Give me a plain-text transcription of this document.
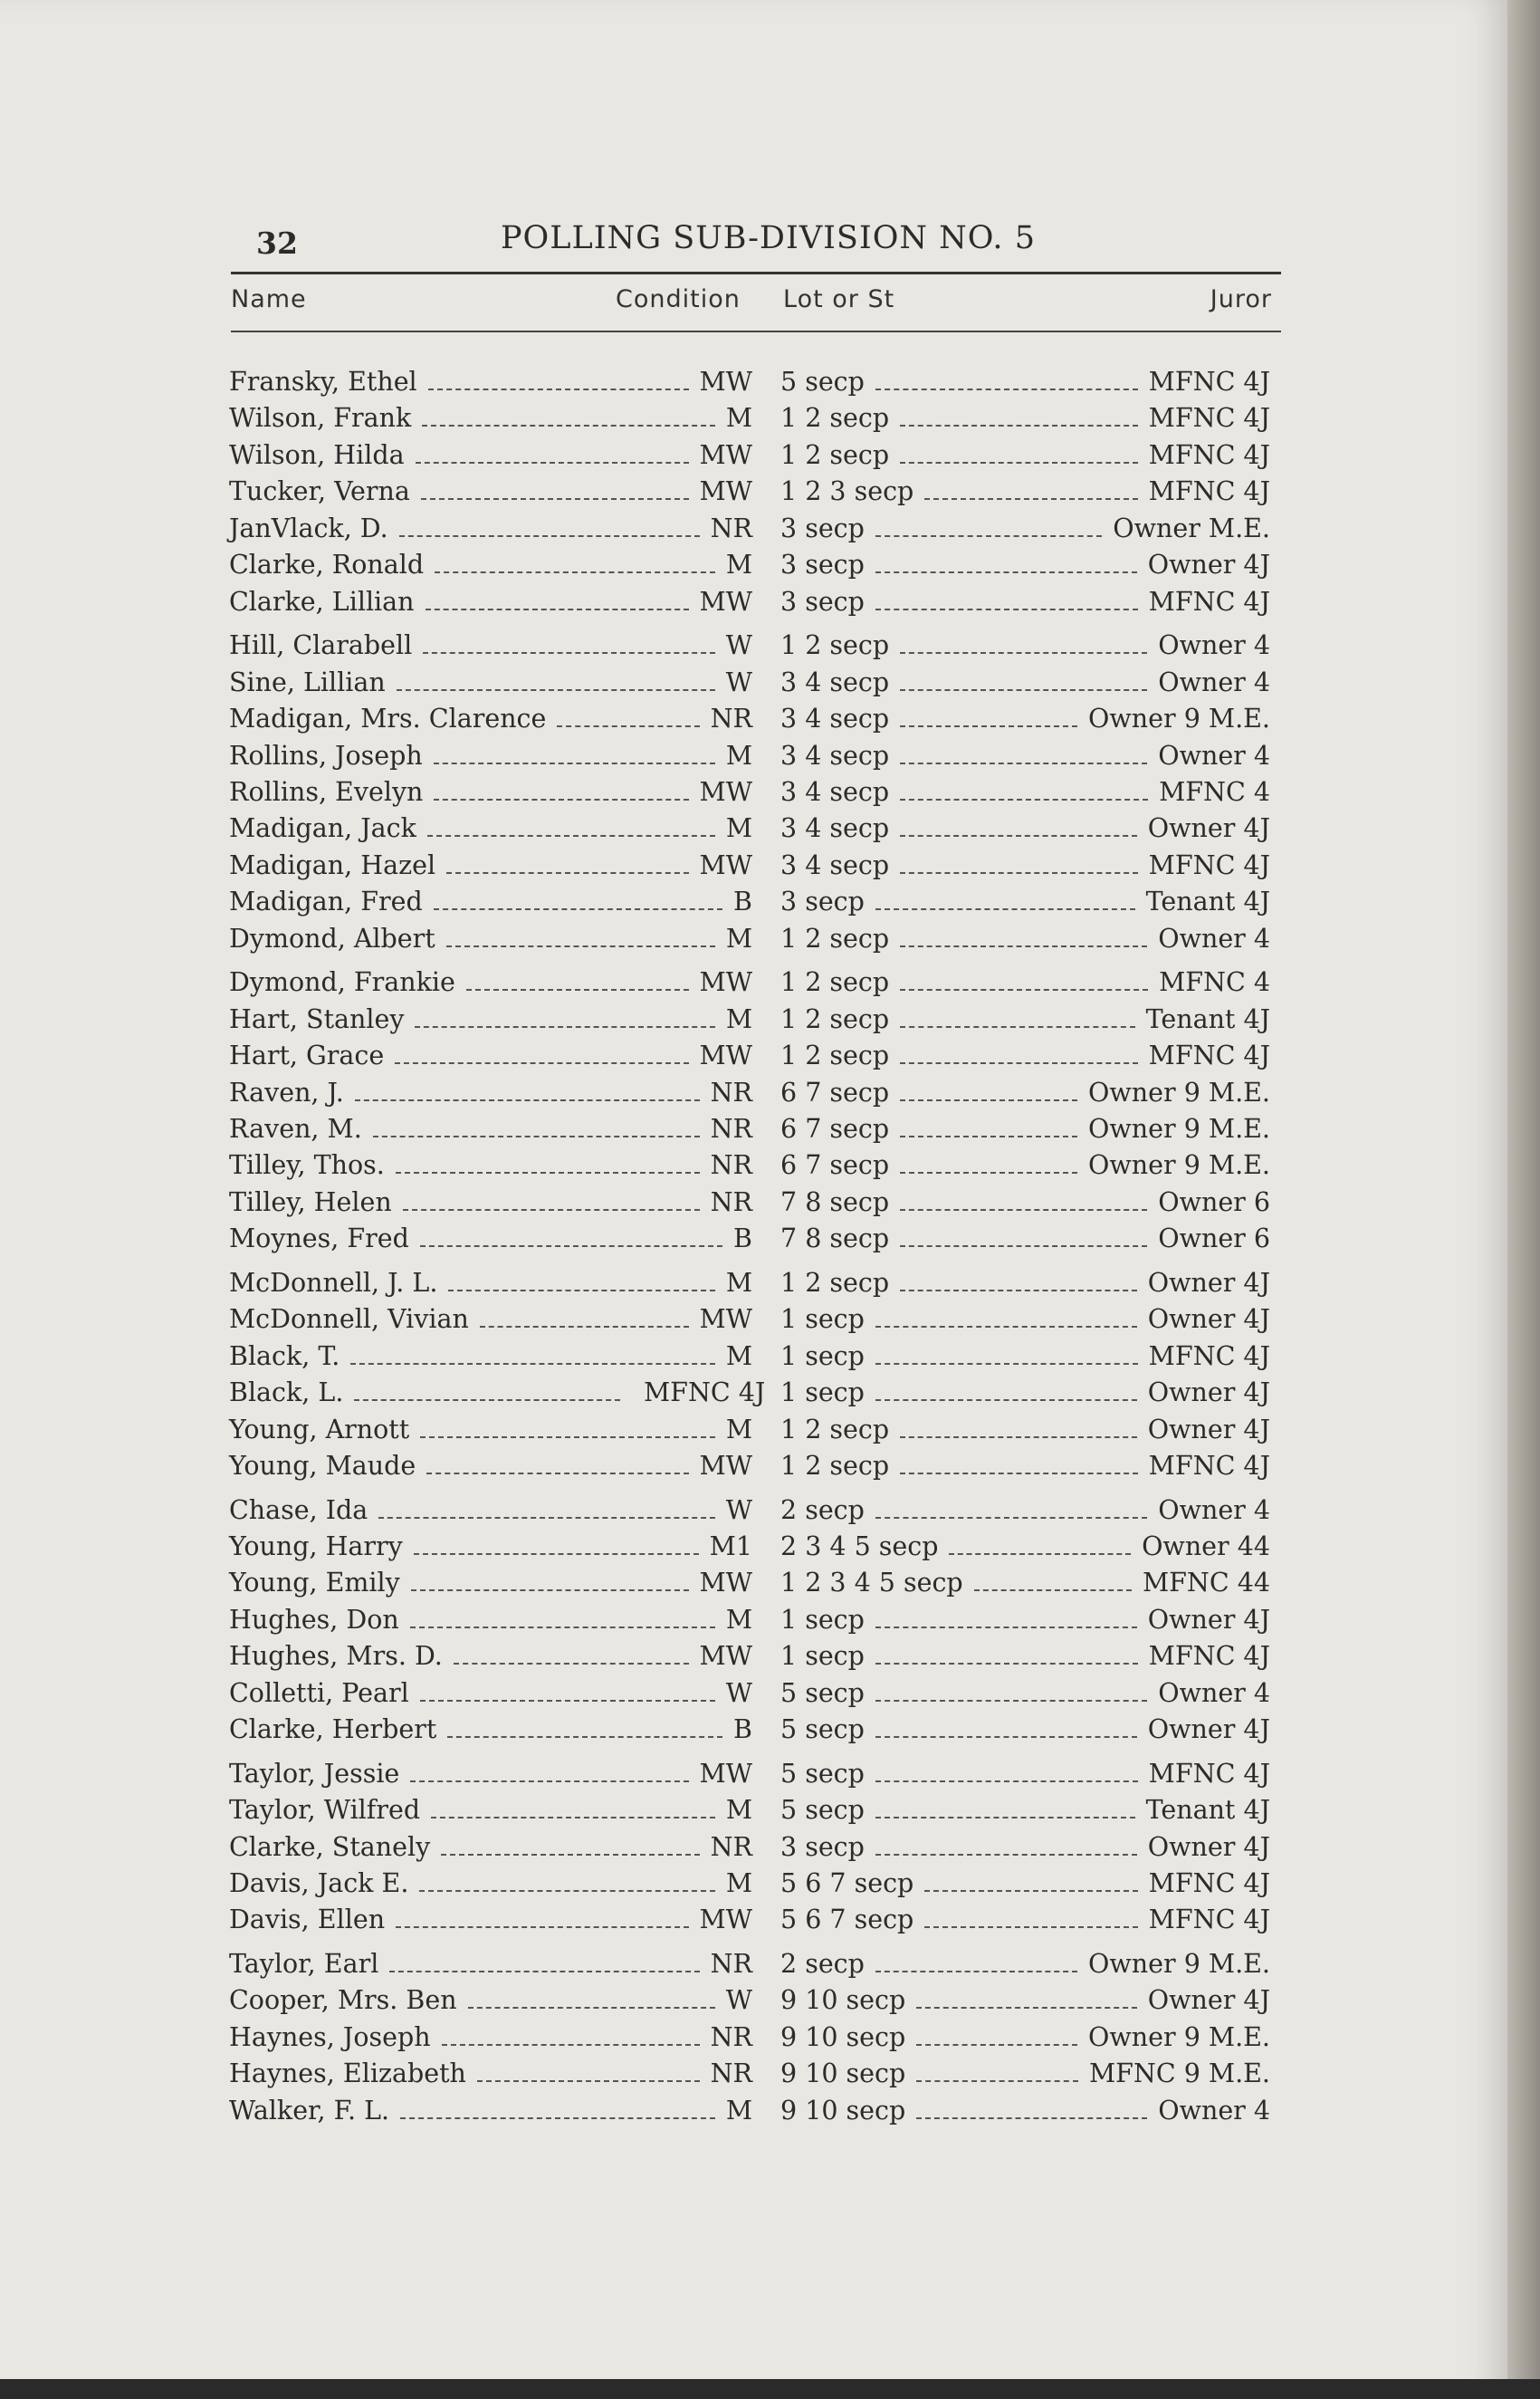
32	POLLING SUB-DIVISION NO. 5
Name	Condition Lot or St	Juror
Fransky, Ethel	MW 5 secp	MFNC 4J
Wilson, Frank	M 1 2 secp	MFNC 4J
Wilson, Hilda	MW 1 2 secp	MFNC 4J
Tucker, Verna	MW 1 2 3 secp	MFNC 4J
JanVlack, D.	NR 3 secp	Owner M.E.
Clarke, Ronald	M 3 secp	Owner 4J
Clarke, Lillian	MW 3 secp	MFNC 4J
Hill, Clarabell	W 1 2 secp	Owner 4
Sine, Lillian	W 3 4 secp	Owner 4
Madigan, Mrs. Clarence	NR 3 4 secp	Owner 9 M.E.
Rollins, Joseph	M 3 4 secp	Owner 4
Rollins, Evelyn	MW 3 4 secp	MFNC 4
Madigan, Jack	M 3 4 secp	Owner 4J
Madigan, Hazel	MW 3 4 secp	MFNC 4J
Madigan, Fred	B 3 secp	Tenant 4J
Dymond, Albert	M 1 2 secp	Owner 4
Dymond, Frankie	MW 1 2 secp	MFNC 4
Hart, Stanley	M 1 2 secp	Tenant 4J
Hart, Grace	MW 1 2 secp	MFNC 4J
Raven, J.	NR 6 7 secp	Owner 9 M.E.
Raven, M.	NR 6 7 secp	Owner 9 M.E.
Tilley, Thos.	NR 6 7 secp	Owner 9 M.E.
Tilley, Helen	NR 7 8 secp	Owner 6
Moynes, Fred	B 7 8 secp	Owner 6
McDonnell, J. L.	M 1 2 secp	Owner 4J
McDonnell, Vivian	MW 1 secp	Owner 4J
Black, T.	M 1 secp	MFNC 4J
Black, L.	MFNC 4J 1 secp	Owner 4J
Young, Arnott	M 1 2 secp	Owner 4J
Young, Maude	MW 1 2 secp	MFNC 4J
Chase, Ida	W 2 secp	Owner 4
Young, Harry	M1 2 3 4 5 secp	Owner 44
Young, Emily	MW 1 2 3 4 5 secp	MFNC 44
Hughes, Don	M 1 secp	Owner 4J
Hughes, Mrs. D.	MW 1 secp	MFNC 4J
Colletti, Pearl	W 5 secp	Owner 4
Clarke, Herbert	B 5 secp	Owner 4J
Taylor, Jessie	MW 5 secp	MFNC 4J
Taylor, Wilfred	M 5 secp	Tenant 4J
Clarke, Stanely	NR 3 secp	Owner 4J
Davis, Jack E.	M 5 6 7 secp	MFNC 4J
Davis, Ellen	MW 5 6 7 secp	MFNC 4J
Taylor, Earl	NR 2 secp	Owner 9 M.E.
Cooper, Mrs. Ben	W 9 10 secp	Owner 4J
Haynes, Joseph	NR 9 10 secp	Owner 9 M.E.
Haynes, Elizabeth	NR 9 10 secp	MFNC 9 M.E.
Walker, F. L.	M 9 10 secp	Owner 4
